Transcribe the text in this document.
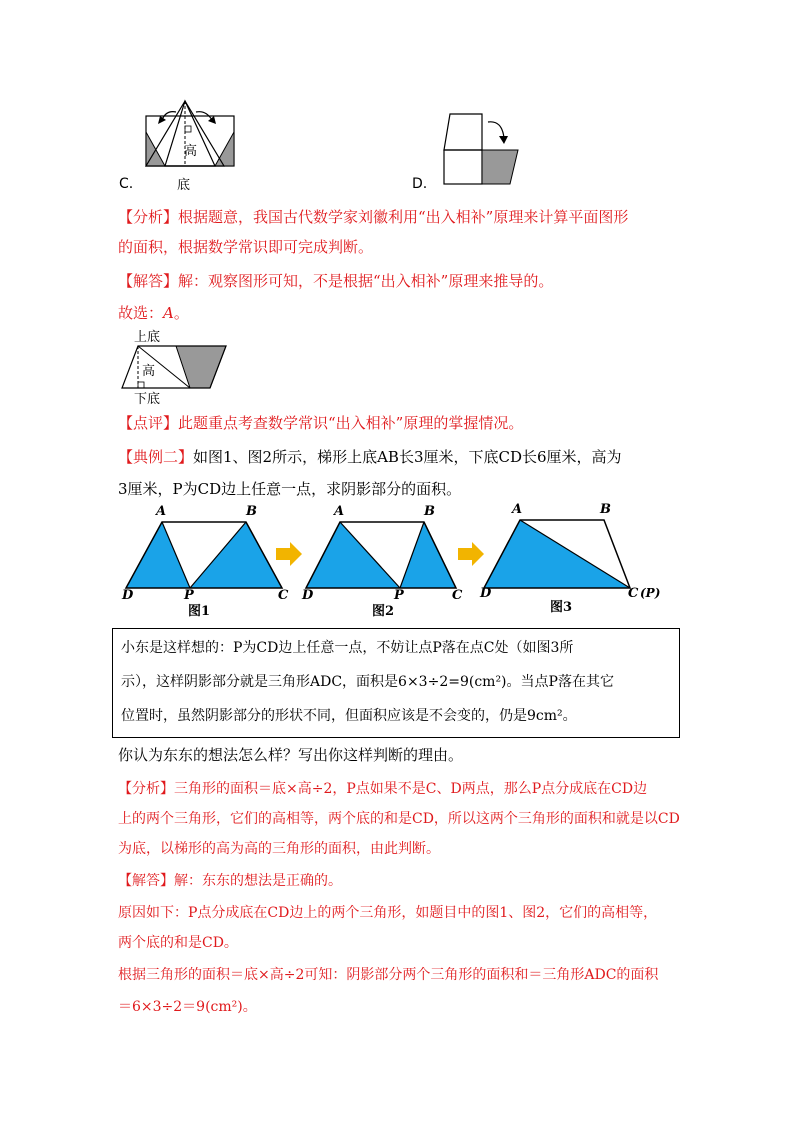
高
底
C.	D.
【分析】根据题意，我国古代数学家刘徽利用“出入相补”原理来计算平面图形
的面积，根据数学常识即可完成判断。
【解答】解：观察图形可知，不是根据“出入相补”原理来推导的。
故选：A。
上底
高
下底
【点评】此题重点考查数学常识“出入相补”原理的掌握情况。
【典例二】如图1、图2所示，梯形上底AB长3厘米，下底CD长6厘米，高为
3厘米，P为CD边上任意一点，求阴影部分的面积。
A	B
D	P	C
图1
A	B
D	P	C
图2
A	B
D	C (P)
图3
小东是这样想的：P为CD边上任意一点，不妨让点P落在点C处（如图3所
示），这样阴影部分就是三角形ADC，面积是6×3÷2=9(cm²)。当点P落在其它
位置时，虽然阴影部分的形状不同，但面积应该是不会变的，仍是9cm²。
你认为东东的想法怎么样？写出你这样判断的理由。
【分析】三角形的面积＝底×高÷2，P点如果不是C、D两点，那么P点分成底在CD边
上的两个三角形，它们的高相等，两个底的和是CD，所以这两个三角形的面积和就是以CD
为底，以梯形的高为高的三角形的面积，由此判断。
【解答】解：东东的想法是正确的。
原因如下：P点分成底在CD边上的两个三角形，如题目中的图1、图2，它们的高相等，
两个底的和是CD。
根据三角形的面积＝底×高÷2可知：阴影部分两个三角形的面积和＝三角形ADC的面积
＝6×3÷2＝9(cm²)。
